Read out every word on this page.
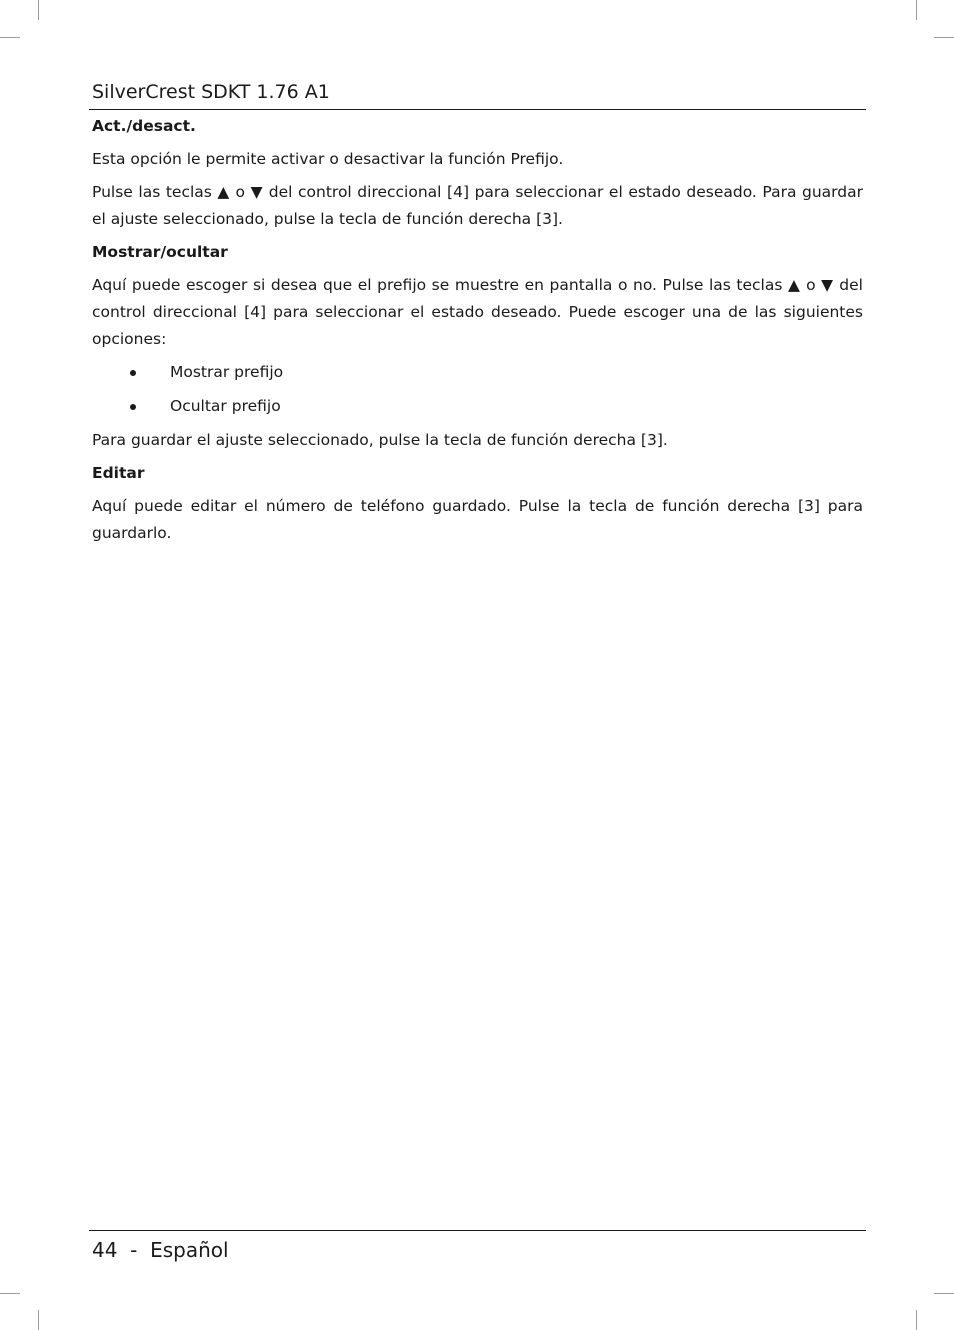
SilverCrest SDKT 1.76 A1

Act./desact.

Esta opción le permite activar o desactivar la función Prefijo.

Pulse las teclas ▲ o ▼ del control direccional [4] para seleccionar el estado deseado. Para guardar el ajuste seleccionado, pulse la tecla de función derecha [3].

Mostrar/ocultar

Aquí puede escoger si desea que el prefijo se muestre en pantalla o no. Pulse las teclas ▲ o ▼ del control direccional [4] para seleccionar el estado deseado. Puede escoger una de las siguientes opciones:

Mostrar prefijo
Ocultar prefijo

Para guardar el ajuste seleccionado, pulse la tecla de función derecha [3].

Editar

Aquí puede editar el número de teléfono guardado. Pulse la tecla de función derecha [3] para guardarlo.

44 - Español
